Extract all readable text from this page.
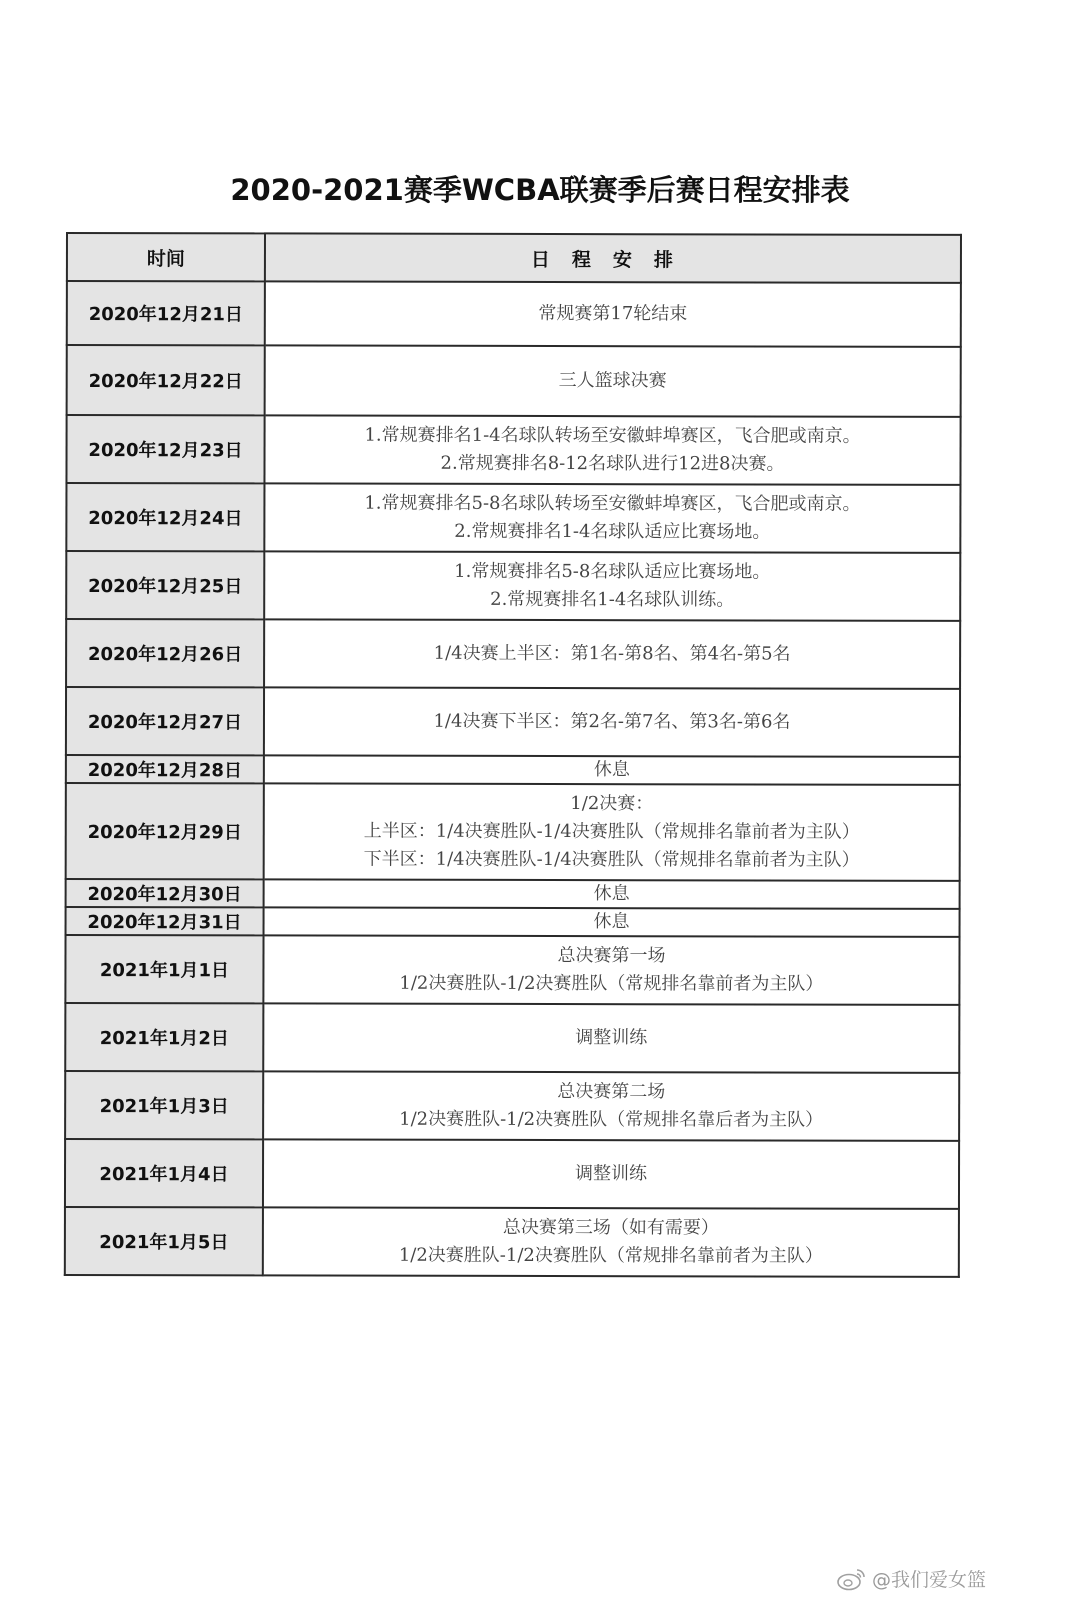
2020-2021赛季WCBA联赛季后赛日程安排表
时间	日程安排
2020年12月21日	常规赛第17轮结束

2020年12月22日	三人篮球决赛

2020年12月23日	1.常规赛排名1-4名球队转场至安徽蚌埠赛区，飞合肥或南京。
2.常规赛排名8-12名球队进行12进8决赛。

2020年12月24日	1.常规赛排名5-8名球队转场至安徽蚌埠赛区，飞合肥或南京。
2.常规赛排名1-4名球队适应比赛场地。

2020年12月25日	1.常规赛排名5-8名球队适应比赛场地。
2.常规赛排名1-4名球队训练。

2020年12月26日	1/4决赛上半区：第1名-第8名、第4名-第5名

2020年12月27日	1/4决赛下半区：第2名-第7名、第3名-第6名

2020年12月28日	休息

2020年12月29日	1/2决赛：
上半区：1/4决赛胜队-1/4决赛胜队（常规排名靠前者为主队）
下半区：1/4决赛胜队-1/4决赛胜队（常规排名靠前者为主队）

2020年12月30日	休息

2020年12月31日	休息

2021年1月1日	总决赛第一场
1/2决赛胜队-1/2决赛胜队（常规排名靠前者为主队）

2021年1月2日	调整训练

2021年1月3日	总决赛第二场
1/2决赛胜队-1/2决赛胜队（常规排名靠后者为主队）

2021年1月4日	调整训练

2021年1月5日	总决赛第三场（如有需要）
1/2决赛胜队-1/2决赛胜队（常规排名靠前者为主队）
@我们爱女篮
